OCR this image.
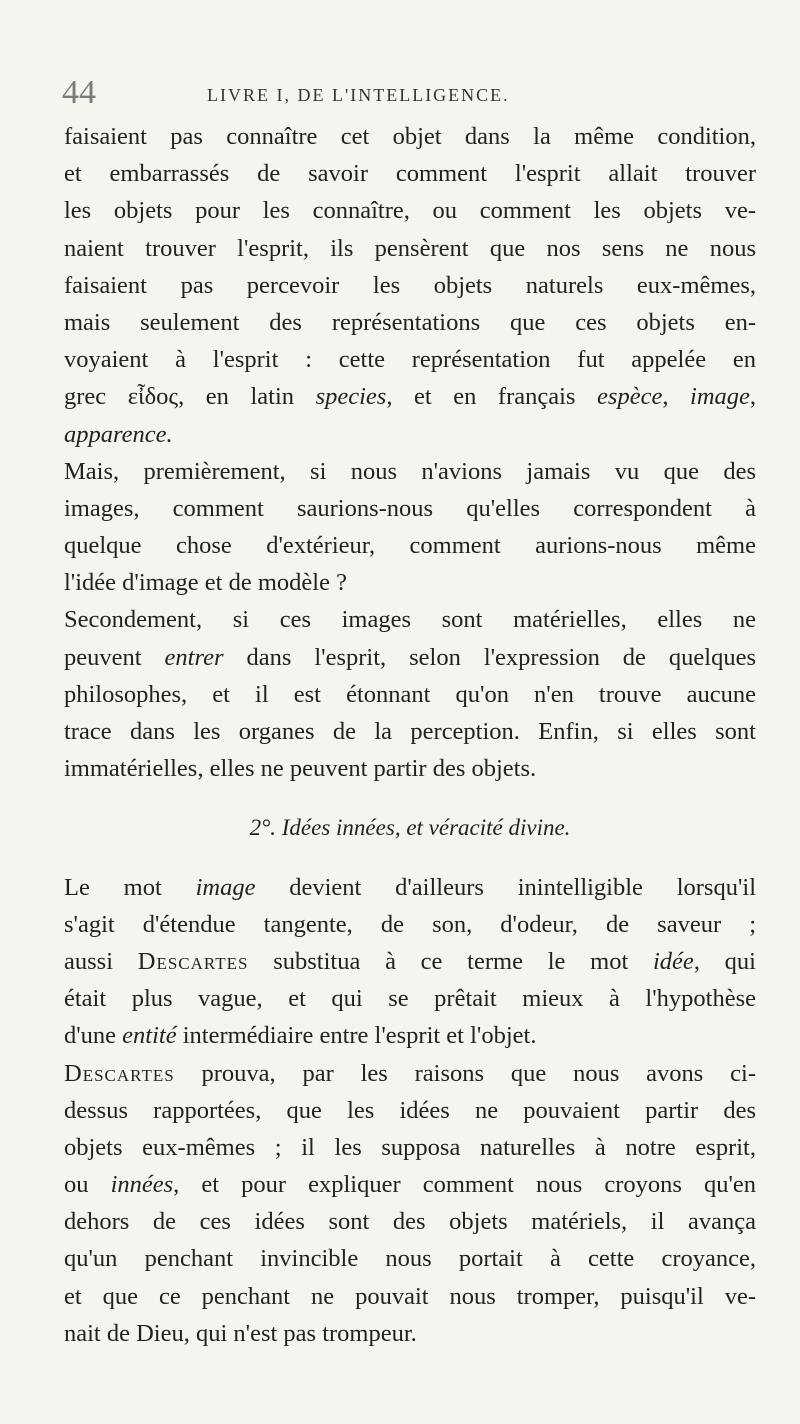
44	LIVRE I, DE L'INTELLIGENCE.
faisaient pas connaître cet objet dans la même condition,
et embarrassés de savoir comment l'esprit allait trouver
les objets pour les connaître, ou comment les objets ve-
naient trouver l'esprit, ils pensèrent que nos sens ne nous
faisaient pas percevoir les objets naturels eux-mêmes,
mais seulement des représentations que ces objets en-
voyaient à l'esprit : cette représentation fut appelée en
grec εἶδος, en latin species, et en français espèce, image,
apparence.
Mais, premièrement, si nous n'avions jamais vu que des
images, comment saurions-nous qu'elles correspondent à
quelque chose d'extérieur, comment aurions-nous même
l'idée d'image et de modèle ?
Secondement, si ces images sont matérielles, elles ne
peuvent entrer dans l'esprit, selon l'expression de quelques
philosophes, et il est étonnant qu'on n'en trouve aucune
trace dans les organes de la perception. Enfin, si elles sont
immatérielles, elles ne peuvent partir des objets.
2°. Idées innées, et véracité divine.
Le mot image devient d'ailleurs inintelligible lorsqu'il
s'agit d'étendue tangente, de son, d'odeur, de saveur ;
aussi Descartes substitua à ce terme le mot idée, qui
était plus vague, et qui se prêtait mieux à l'hypothèse
d'une entité intermédiaire entre l'esprit et l'objet.
Descartes prouva, par les raisons que nous avons ci-
dessus rapportées, que les idées ne pouvaient partir des
objets eux-mêmes ; il les supposa naturelles à notre esprit,
ou innées, et pour expliquer comment nous croyons qu'en
dehors de ces idées sont des objets matériels, il avança
qu'un penchant invincible nous portait à cette croyance,
et que ce penchant ne pouvait nous tromper, puisqu'il ve-
nait de Dieu, qui n'est pas trompeur.
